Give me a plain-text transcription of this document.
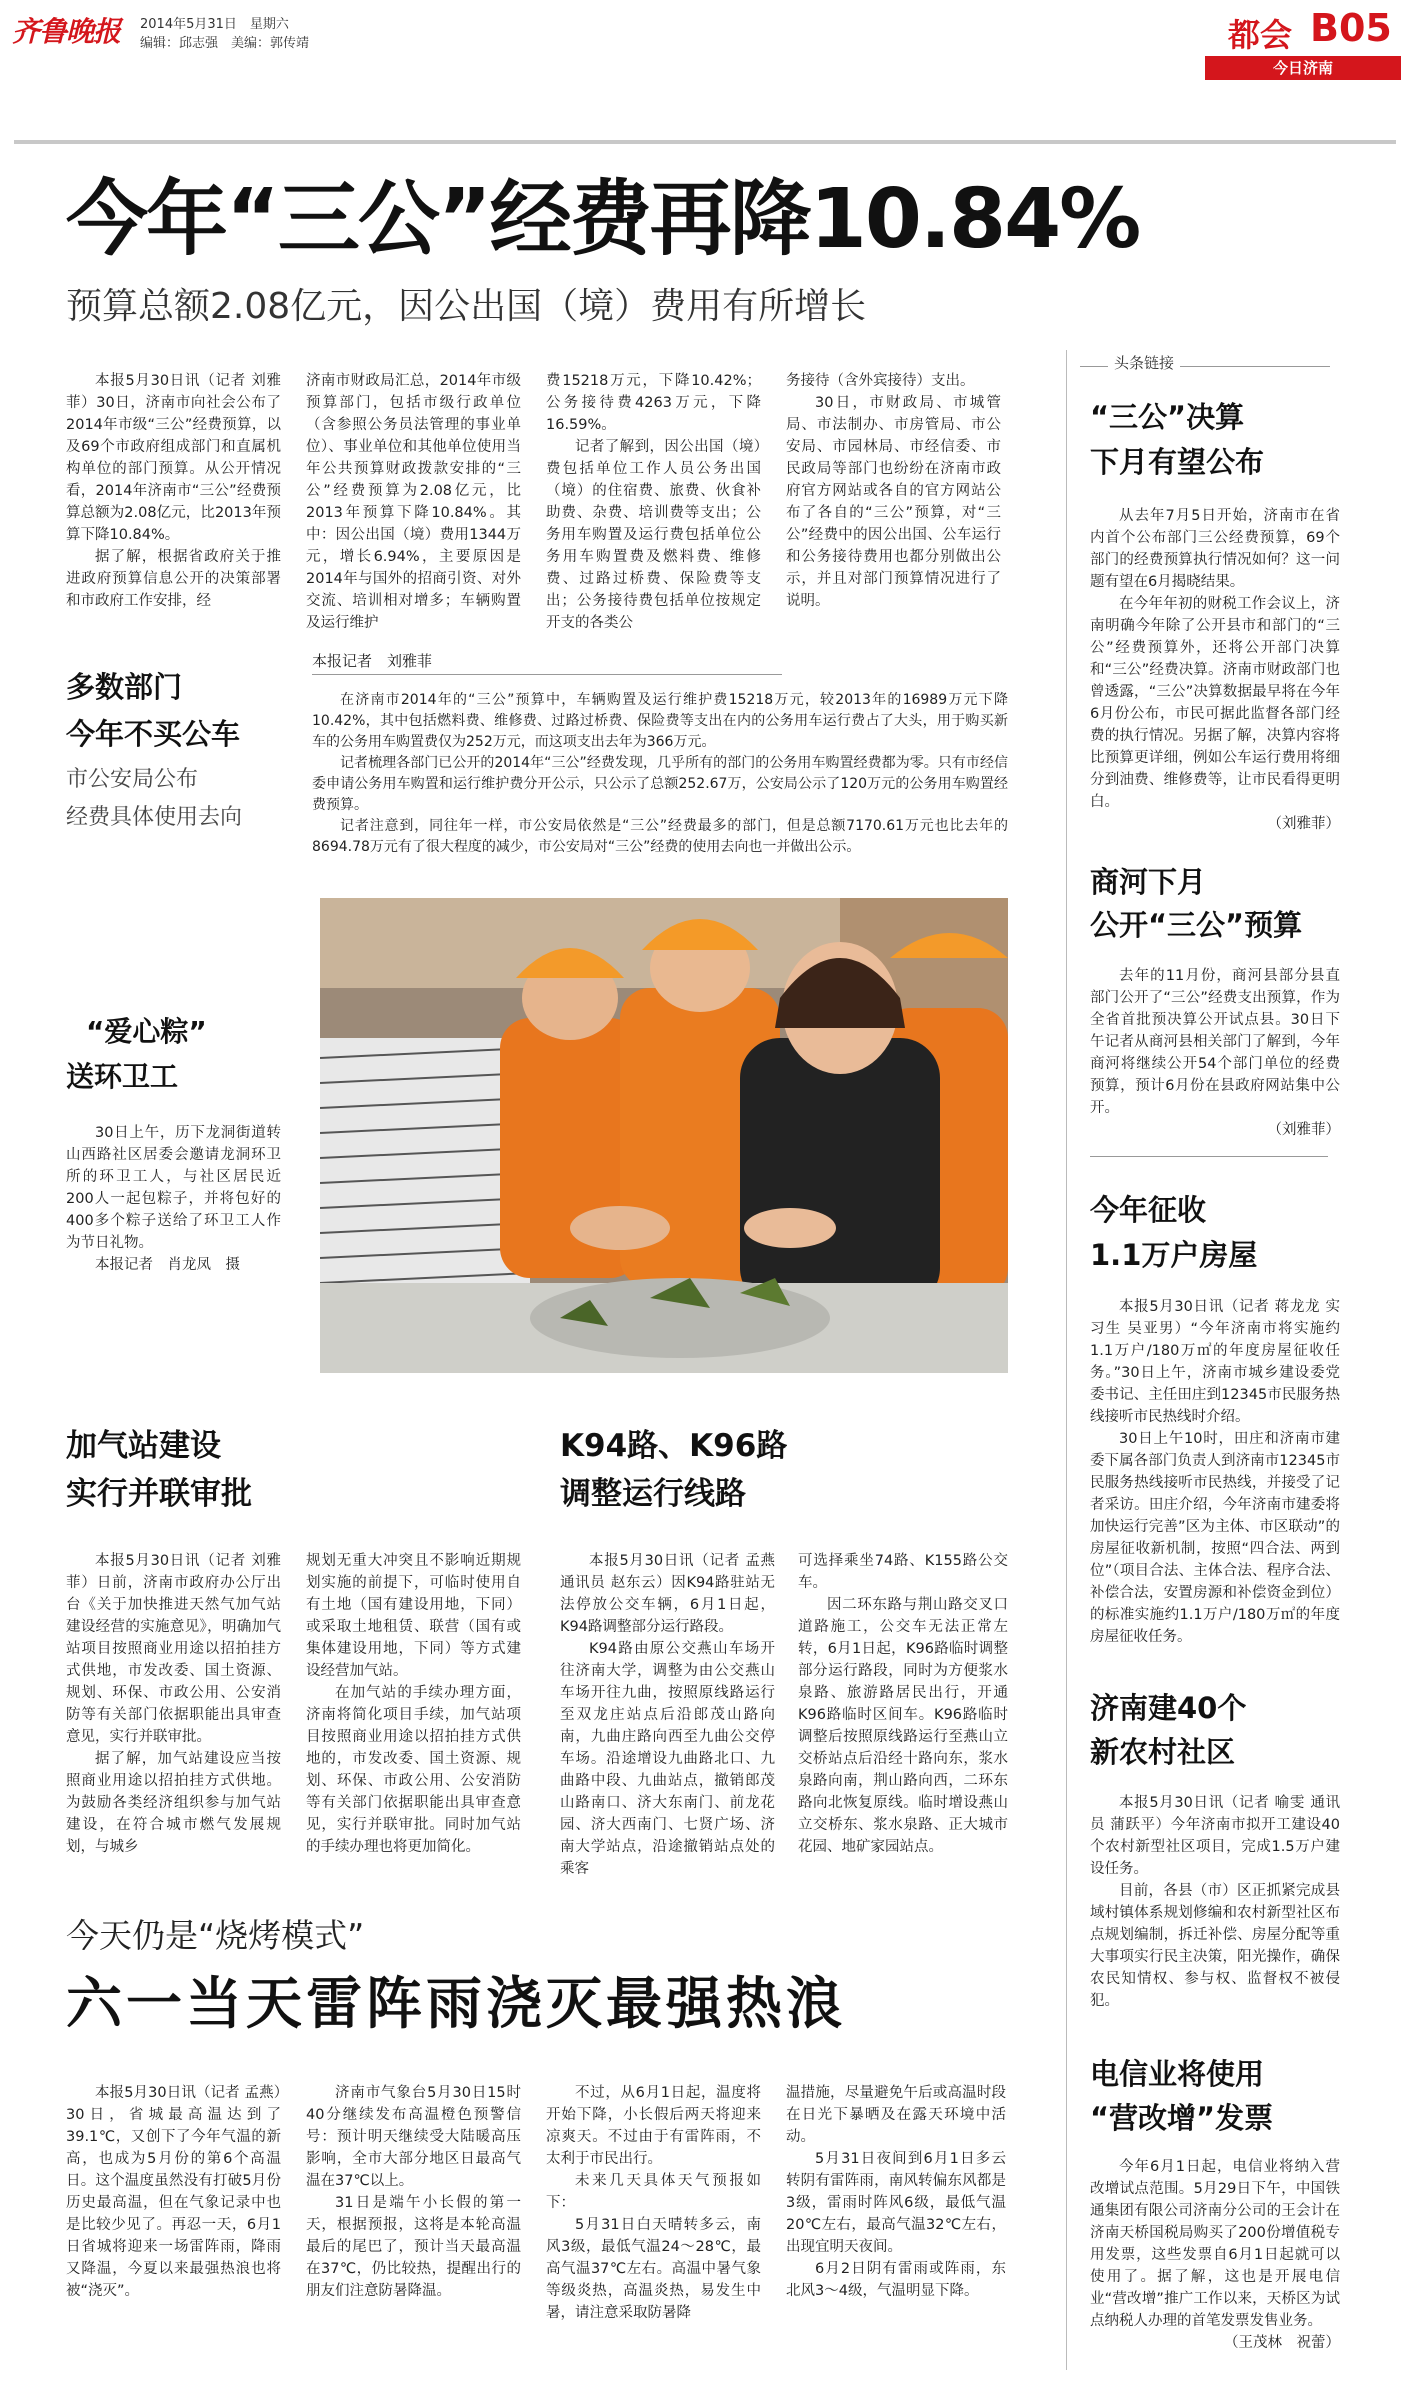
齐鲁晚报 2014年5月31日　星期六
编辑：邱志强　美编：郭传靖	都会 B05
今日济南
今年“三公”经费再降10.84%
预算总额2.08亿元，因公出国（境）费用有所增长

本报5月30日讯（记者 刘雅菲）30日，济南市向社会公布了2014年市级“三公”经费预算，以及69个市政府组成部门和直属机构单位的部门预算。从公开情况看，2014年济南市“三公”经费预算总额为2.08亿元，比2013年预算下降10.84%。

据了解，根据省政府关于推进政府预算信息公开的决策部署和市政府工作安排，经

济南市财政局汇总，2014年市级预算部门，包括市级行政单位（含参照公务员法管理的事业单位）、事业单位和其他单位使用当年公共预算财政拨款安排的“三公”经费预算为2.08亿元，比2013年预算下降10.84%。其中：因公出国（境）费用1344万元，增长6.94%，主要原因是2014年与国外的招商引资、对外交流、培训相对增多；车辆购置及运行维护

费15218万元，下降10.42%；公务接待费4263万元，下降16.59%。

记者了解到，因公出国（境）费包括单位工作人员公务出国（境）的住宿费、旅费、伙食补助费、杂费、培训费等支出；公务用车购置及运行费包括单位公务用车购置费及燃料费、维修费、过路过桥费、保险费等支出；公务接待费包括单位按规定开支的各类公

务接待（含外宾接待）支出。

30日，市财政局、市城管局、市法制办、市房管局、市公安局、市园林局、市经信委、市民政局等部门也纷纷在济南市政府官方网站或各自的官方网站公布了各自的“三公”预算，对“三公”经费中的因公出国、公车运行和公务接待费用也都分别做出公示，并且对部门预算情况进行了说明。

多数部门
今年不买公车
市公安局公布
经费具体使用去向
本报记者　刘雅菲

在济南市2014年的“三公”预算中，车辆购置及运行维护费15218万元，较2013年的16989万元下降10.42%，其中包括燃料费、维修费、过路过桥费、保险费等支出在内的公务用车运行费占了大头，用于购买新车的公务用车购置费仅为252万元，而这项支出去年为366万元。

记者梳理各部门已公开的2014年“三公”经费发现，几乎所有的部门的公务用车购置经费都为零。只有市经信委申请公务用车购置和运行维护费分开公示，只公示了总额252.67万，公安局公示了120万元的公务用车购置经费预算。

记者注意到，同往年一样，市公安局依然是“三公”经费最多的部门，但是总额7170.61万元也比去年的8694.78万元有了很大程度的减少，市公安局对“三公”经费的使用去向也一并做出公示。

“爱心粽”
送环卫工

30日上午，历下龙洞街道转山西路社区居委会邀请龙洞环卫所的环卫工人，与社区居民近200人一起包粽子，并将包好的400多个粽子送给了环卫工人作为节日礼物。

本报记者　肖龙凤　摄

加气站建设
实行并联审批

本报5月30日讯（记者 刘雅菲）日前，济南市政府办公厅出台《关于加快推进天然气加气站建设经营的实施意见》，明确加气站项目按照商业用途以招拍挂方式供地，市发改委、国土资源、规划、环保、市政公用、公安消防等有关部门依据职能出具审查意见，实行并联审批。

据了解，加气站建设应当按照商业用途以招拍挂方式供地。为鼓励各类经济组织参与加气站建设，在符合城市燃气发展规划，与城乡

规划无重大冲突且不影响近期规划实施的前提下，可临时使用自有土地（国有建设用地，下同）或采取土地租赁、联营（国有或集体建设用地，下同）等方式建设经营加气站。

在加气站的手续办理方面，济南将简化项目手续，加气站项目按照商业用途以招拍挂方式供地的，市发改委、国土资源、规划、环保、市政公用、公安消防等有关部门依据职能出具审查意见，实行并联审批。同时加气站的手续办理也将更加简化。

K94路、K96路
调整运行线路

本报5月30日讯（记者 孟燕 通讯员 赵东云）因K94路驻站无法停放公交车辆，6月1日起，K94路调整部分运行路段。

K94路由原公交燕山车场开往济南大学，调整为由公交燕山车场开往九曲，按照原线路运行至双龙庄站点后沿郎茂山路向南，九曲庄路向西至九曲公交停车场。沿途增设九曲路北口、九曲路中段、九曲站点，撤销郎茂山路南口、济大东南门、前龙花园、济大西南门、七贤广场、济南大学站点，沿途撤销站点处的乘客

可选择乘坐74路、K155路公交车。

因二环东路与荆山路交叉口道路施工，公交车无法正常左转，6月1日起，K96路临时调整部分运行路段，同时为方便浆水泉路、旅游路居民出行，开通K96路临时区间车。K96路临时调整后按照原线路运行至燕山立交桥站点后沿经十路向东，浆水泉路向南，荆山路向西，二环东路向北恢复原线。临时增设燕山立交桥东、浆水泉路、正大城市花园、地矿家园站点。

今天仍是“烧烤模式”
六一当天雷阵雨浇灭最强热浪

本报5月30日讯（记者 孟燕）30日，省城最高温达到了39.1℃，又创下了今年气温的新高，也成为5月份的第6个高温日。这个温度虽然没有打破5月份历史最高温，但在气象记录中也是比较少见了。再忍一天，6月1日省城将迎来一场雷阵雨，降雨又降温，今夏以来最强热浪也将被“浇灭”。

济南市气象台5月30日15时40分继续发布高温橙色预警信号：预计明天继续受大陆暖高压影响，全市大部分地区日最高气温在37℃以上。

31日是端午小长假的第一天，根据预报，这将是本轮高温最后的尾巴了，预计当天最高温在37℃，仍比较热，提醒出行的朋友们注意防暑降温。

不过，从6月1日起，温度将开始下降，小长假后两天将迎来凉爽天。不过由于有雷阵雨，不太利于市民出行。

未来几天具体天气预报如下：

5月31日白天晴转多云，南风3级，最低气温24～28℃，最高气温37℃左右。高温中暑气象等级炎热，高温炎热，易发生中暑，请注意采取防暑降

温措施，尽量避免午后或高温时段在日光下暴晒及在露天环境中活动。

5月31日夜间到6月1日多云转阴有雷阵雨，南风转偏东风都是3级，雷雨时阵风6级，最低气温20℃左右，最高气温32℃左右，出现宜明天夜间。

6月2日阴有雷雨或阵雨，东北风3～4级，气温明显下降。

头条链接
“三公”决算
下月有望公布

从去年7月5日开始，济南市在省内首个公布部门三公经费预算，69个部门的经费预算执行情况如何？这一问题有望在6月揭晓结果。

在今年年初的财税工作会议上，济南明确今年除了公开县市和部门的“三公”经费预算外，还将公开部门决算和“三公”经费决算。济南市财政部门也曾透露，“三公”决算数据最早将在今年6月份公布，市民可据此监督各部门经费的执行情况。另据了解，决算内容将比预算更详细，例如公车运行费用将细分到油费、维修费等，让市民看得更明白。

（刘雅菲）

商河下月
公开“三公”预算

去年的11月份，商河县部分县直部门公开了“三公”经费支出预算，作为全省首批预决算公开试点县。30日下午记者从商河县相关部门了解到，今年商河将继续公开54个部门单位的经费预算，预计6月份在县政府网站集中公开。

（刘雅菲）

今年征收
1.1万户房屋

本报5月30日讯（记者 蒋龙龙 实习生 吴亚男）“今年济南市将实施约1.1万户/180万㎡的年度房屋征收任务。”30日上午，济南市城乡建设委党委书记、主任田庄到12345市民服务热线接听市民热线时介绍。

30日上午10时，田庄和济南市建委下属各部门负责人到济南市12345市民服务热线接听市民热线，并接受了记者采访。田庄介绍，今年济南市建委将加快运行完善”区为主体、市区联动”的房屋征收新机制，按照“四合法、两到位”（项目合法、主体合法、程序合法、补偿合法，安置房源和补偿资金到位）的标准实施约1.1万户/180万㎡的年度房屋征收任务。

济南建40个
新农村社区

本报5月30日讯（记者 喻雯 通讯员 蒲跃平）今年济南市拟开工建设40个农村新型社区项目，完成1.5万户建设任务。

目前，各县（市）区正抓紧完成县域村镇体系规划修编和农村新型社区布点规划编制，拆迁补偿、房屋分配等重大事项实行民主决策，阳光操作，确保农民知情权、参与权、监督权不被侵犯。

电信业将使用
“营改增”发票

今年6月1日起，电信业将纳入营改增试点范围。5月29日下午，中国铁通集团有限公司济南分公司的王会计在济南天桥国税局购买了200份增值税专用发票，这些发票自6月1日起就可以使用了。据了解，这也是开展电信业“营改增”推广工作以来，天桥区为试点纳税人办理的首笔发票发售业务。

（王茂林　祝蕾）
